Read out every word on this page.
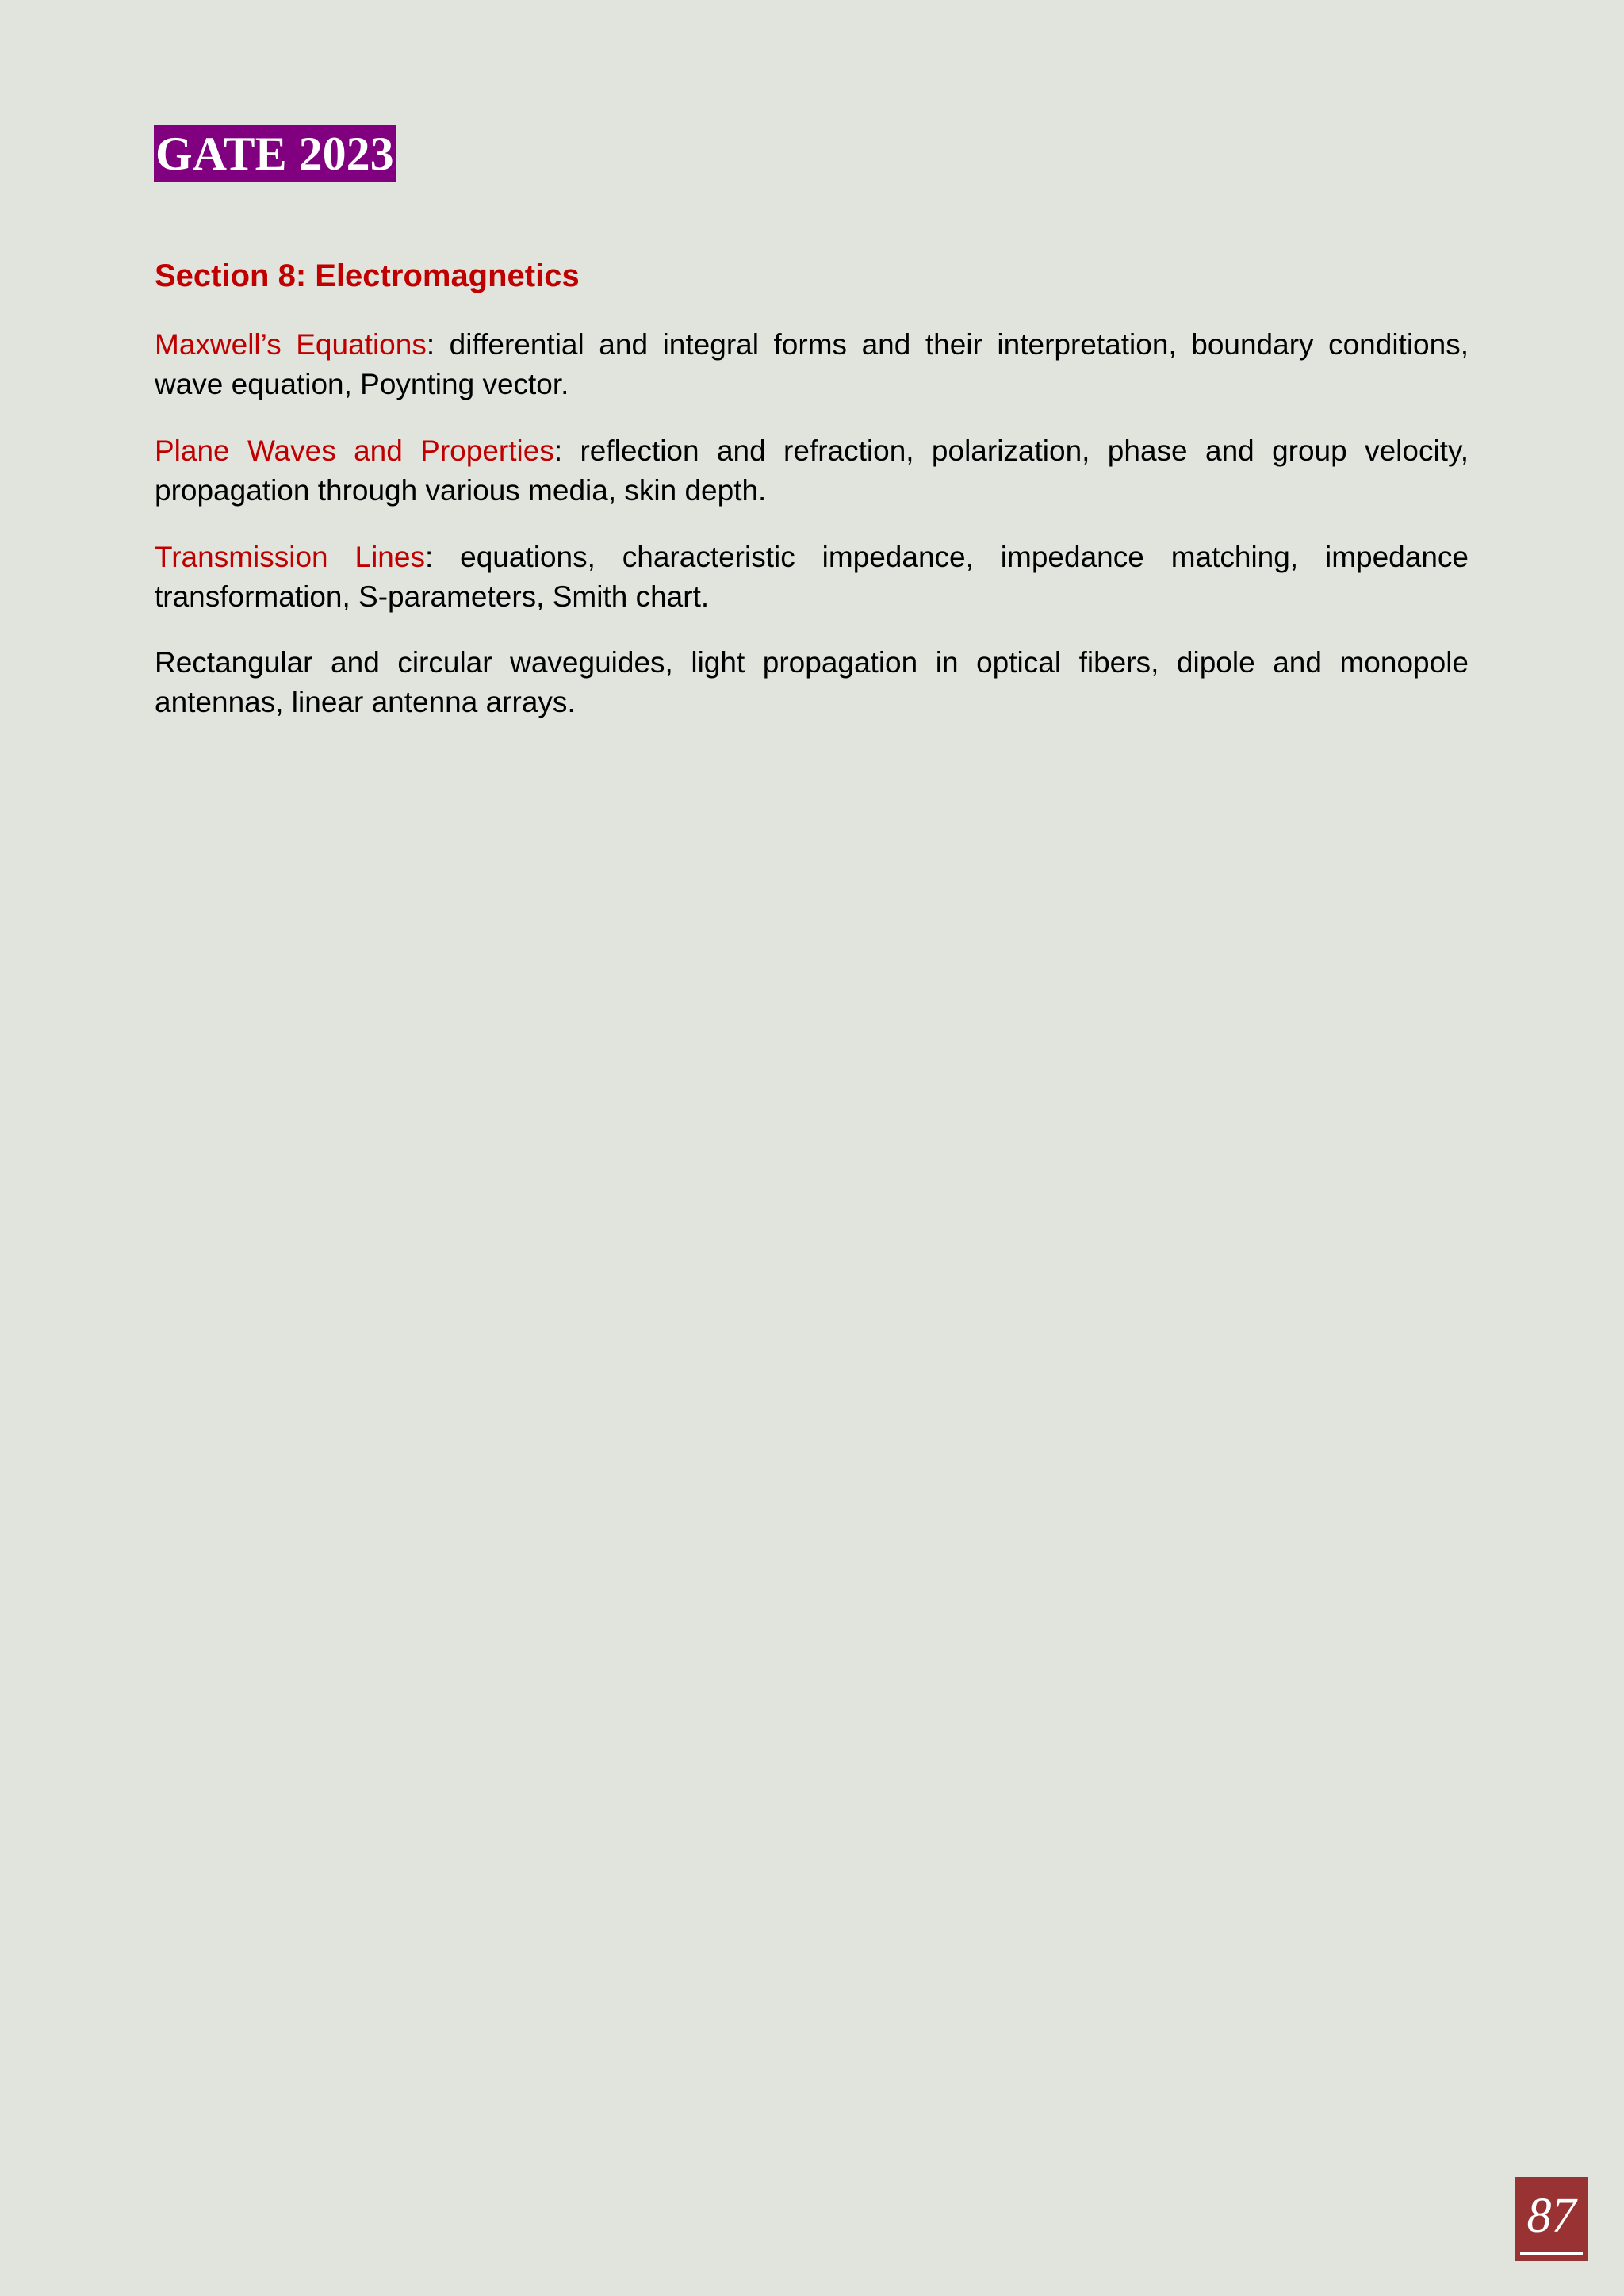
GATE 2023
Section 8: Electromagnetics

Maxwell’s Equations: differential and integral forms and their interpretation, boundary conditions, wave equation, Poynting vector.

Plane Waves and Properties: reflection and refraction, polarization, phase and group velocity, propagation through various media, skin depth.

Transmission Lines: equations, characteristic impedance, impedance matching, impedance transformation, S-parameters, Smith chart.

Rectangular and circular waveguides, light propagation in optical fibers, dipole and monopole antennas, linear antenna arrays.

87
